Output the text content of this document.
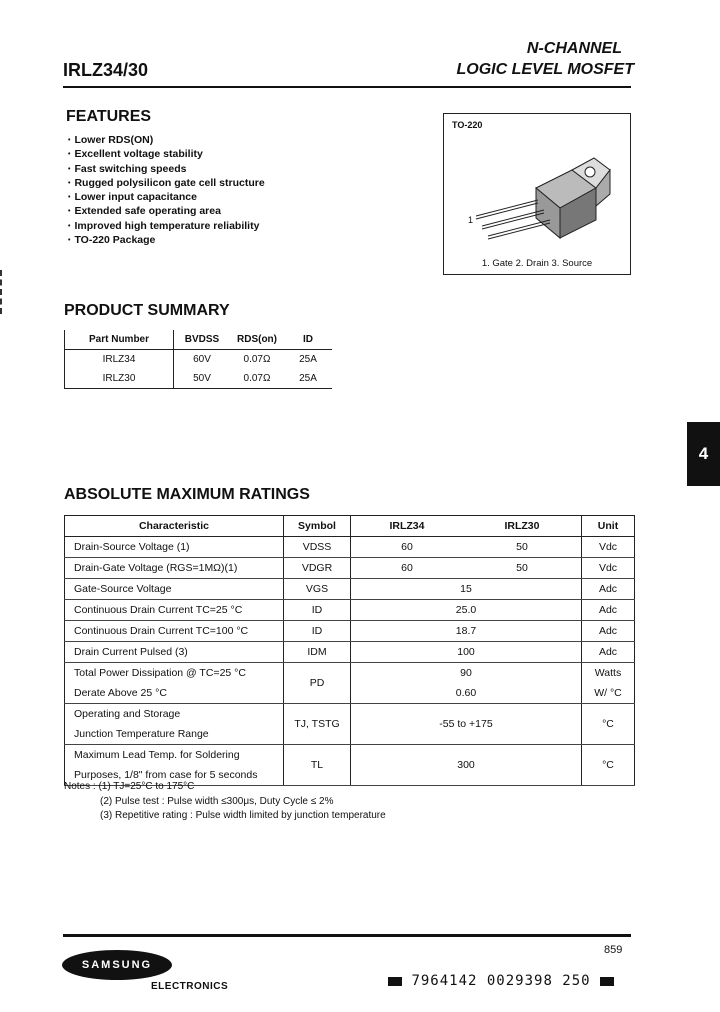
IRLZ34/30
N-CHANNEL
LOGIC LEVEL MOSFET
FEATURES
• Lower RDS(ON)
• Excellent voltage stability
• Fast switching speeds
• Rugged polysilicon gate cell structure
• Lower input capacitance
• Extended safe operating area
• Improved high temperature reliability
• TO-220 Package
TO-220
1
1. Gate 2. Drain 3. Source
PRODUCT SUMMARY
Part Number	BVDSS	RDS(on)	ID
IRLZ34	60V	0.07Ω	25A
IRLZ30	50V	0.07Ω	25A
4
ABSOLUTE MAXIMUM RATINGS
Characteristic	Symbol	IRLZ34	IRLZ30	Unit
Drain-Source Voltage (1)	VDSS	60	50	Vdc
Drain-Gate Voltage (RGS=1MΩ)(1)	VDGR	60	50	Vdc
Gate-Source Voltage	VGS	15		Adc
Continuous Drain Current TC=25 °C	ID	25.0		Adc
Continuous Drain Current TC=100 °C	ID	18.7		Adc
Drain Current Pulsed (3)	IDM	100		Adc
Total Power Dissipation @ TC=25 °C	PD	90		Watts
Derate Above 25 °C		0.60		W/ °C
Operating and Storage	TJ, TSTG	-55 to +175		°C
Junction Temperature Range				
Maximum Lead Temp. for Soldering	TL	300		°C
Purposes, 1/8" from case for 5 seconds				
Notes : (1) TJ=25°C to 175°C
(2) Pulse test : Pulse width ≤300μs, Duty Cycle ≤ 2%
(3) Repetitive rating : Pulse width limited by junction temperature
859
SAMSUNG
ELECTRONICS	7964142 0029398 250
